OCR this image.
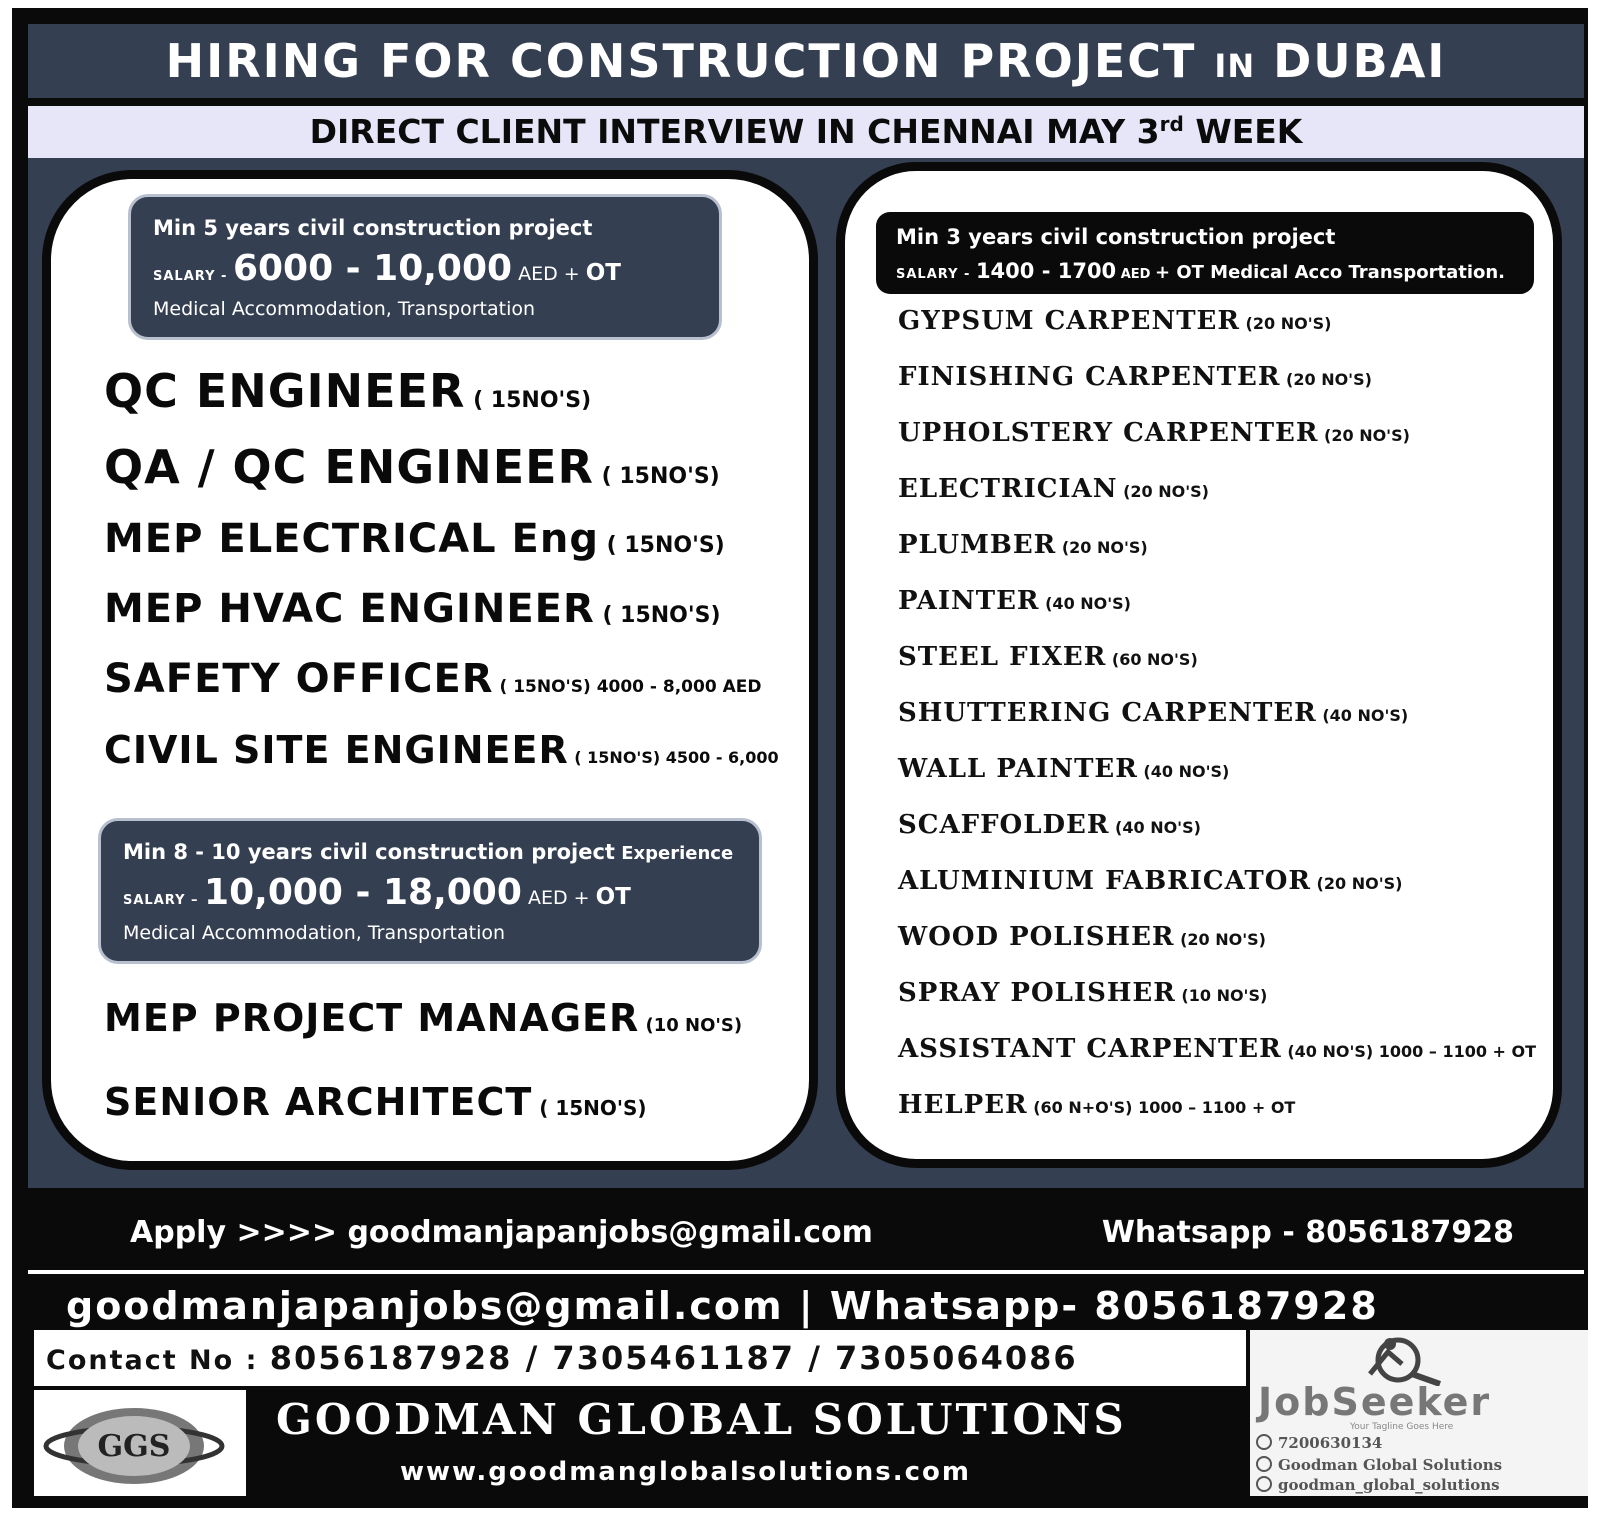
HIRING FOR CONSTRUCTION PROJECT IN DUBAI
DIRECT CLIENT INTERVIEW IN CHENNAI MAY 3rd WEEK
Min 5 years civil construction project
SALARY - 6000 - 10,000 AED + OT
Medical Accommodation, Transportation
QC ENGINEER ( 15NO'S)
QA / QC ENGINEER ( 15NO'S)
MEP ELECTRICAL Eng ( 15NO'S)
MEP HVAC ENGINEER ( 15NO'S)
SAFETY OFFICER ( 15NO'S) 4000 - 8,000 AED
CIVIL SITE ENGINEER ( 15NO'S) 4500 - 6,000
Min 8 - 10 years civil construction project Experience
SALARY – 10,000 - 18,000 AED + OT
Medical Accommodation, Transportation
MEP PROJECT MANAGER (10 NO'S)
SENIOR ARCHITECT ( 15NO'S)
Min 3 years civil construction project
SALARY - 1400 - 1700 AED + OT Medical Acco Transportation.
GYPSUM CARPENTER (20 NO'S)
FINISHING CARPENTER (20 NO'S)
UPHOLSTERY CARPENTER (20 NO'S)
ELECTRICIAN (20 NO'S)
PLUMBER (20 NO'S)
PAINTER (40 NO'S)
STEEL FIXER (60 NO'S)
SHUTTERING CARPENTER (40 NO'S)
WALL PAINTER (40 NO'S)
SCAFFOLDER (40 NO'S)
ALUMINIUM FABRICATOR (20 NO'S)
WOOD POLISHER (20 NO'S)
SPRAY POLISHER (10 NO'S)
ASSISTANT CARPENTER (40 NO'S) 1000 – 1100 + OT
HELPER (60 N+O'S) 1000 – 1100 + OT
Apply >>>> goodmanjapanjobs@gmail.com	Whatsapp - 8056187928
goodmanjapanjobs@gmail.com | Whatsapp- 8056187928
Contact No : 8056187928 / 7305461187 / 7305064086
GGS
GOODMAN GLOBAL SOLUTIONS
www.goodmanglobalsolutions.com
JobSeeker
Your Tagline Goes Here
7200630134
Goodman Global Solutions
goodman_global_solutions
